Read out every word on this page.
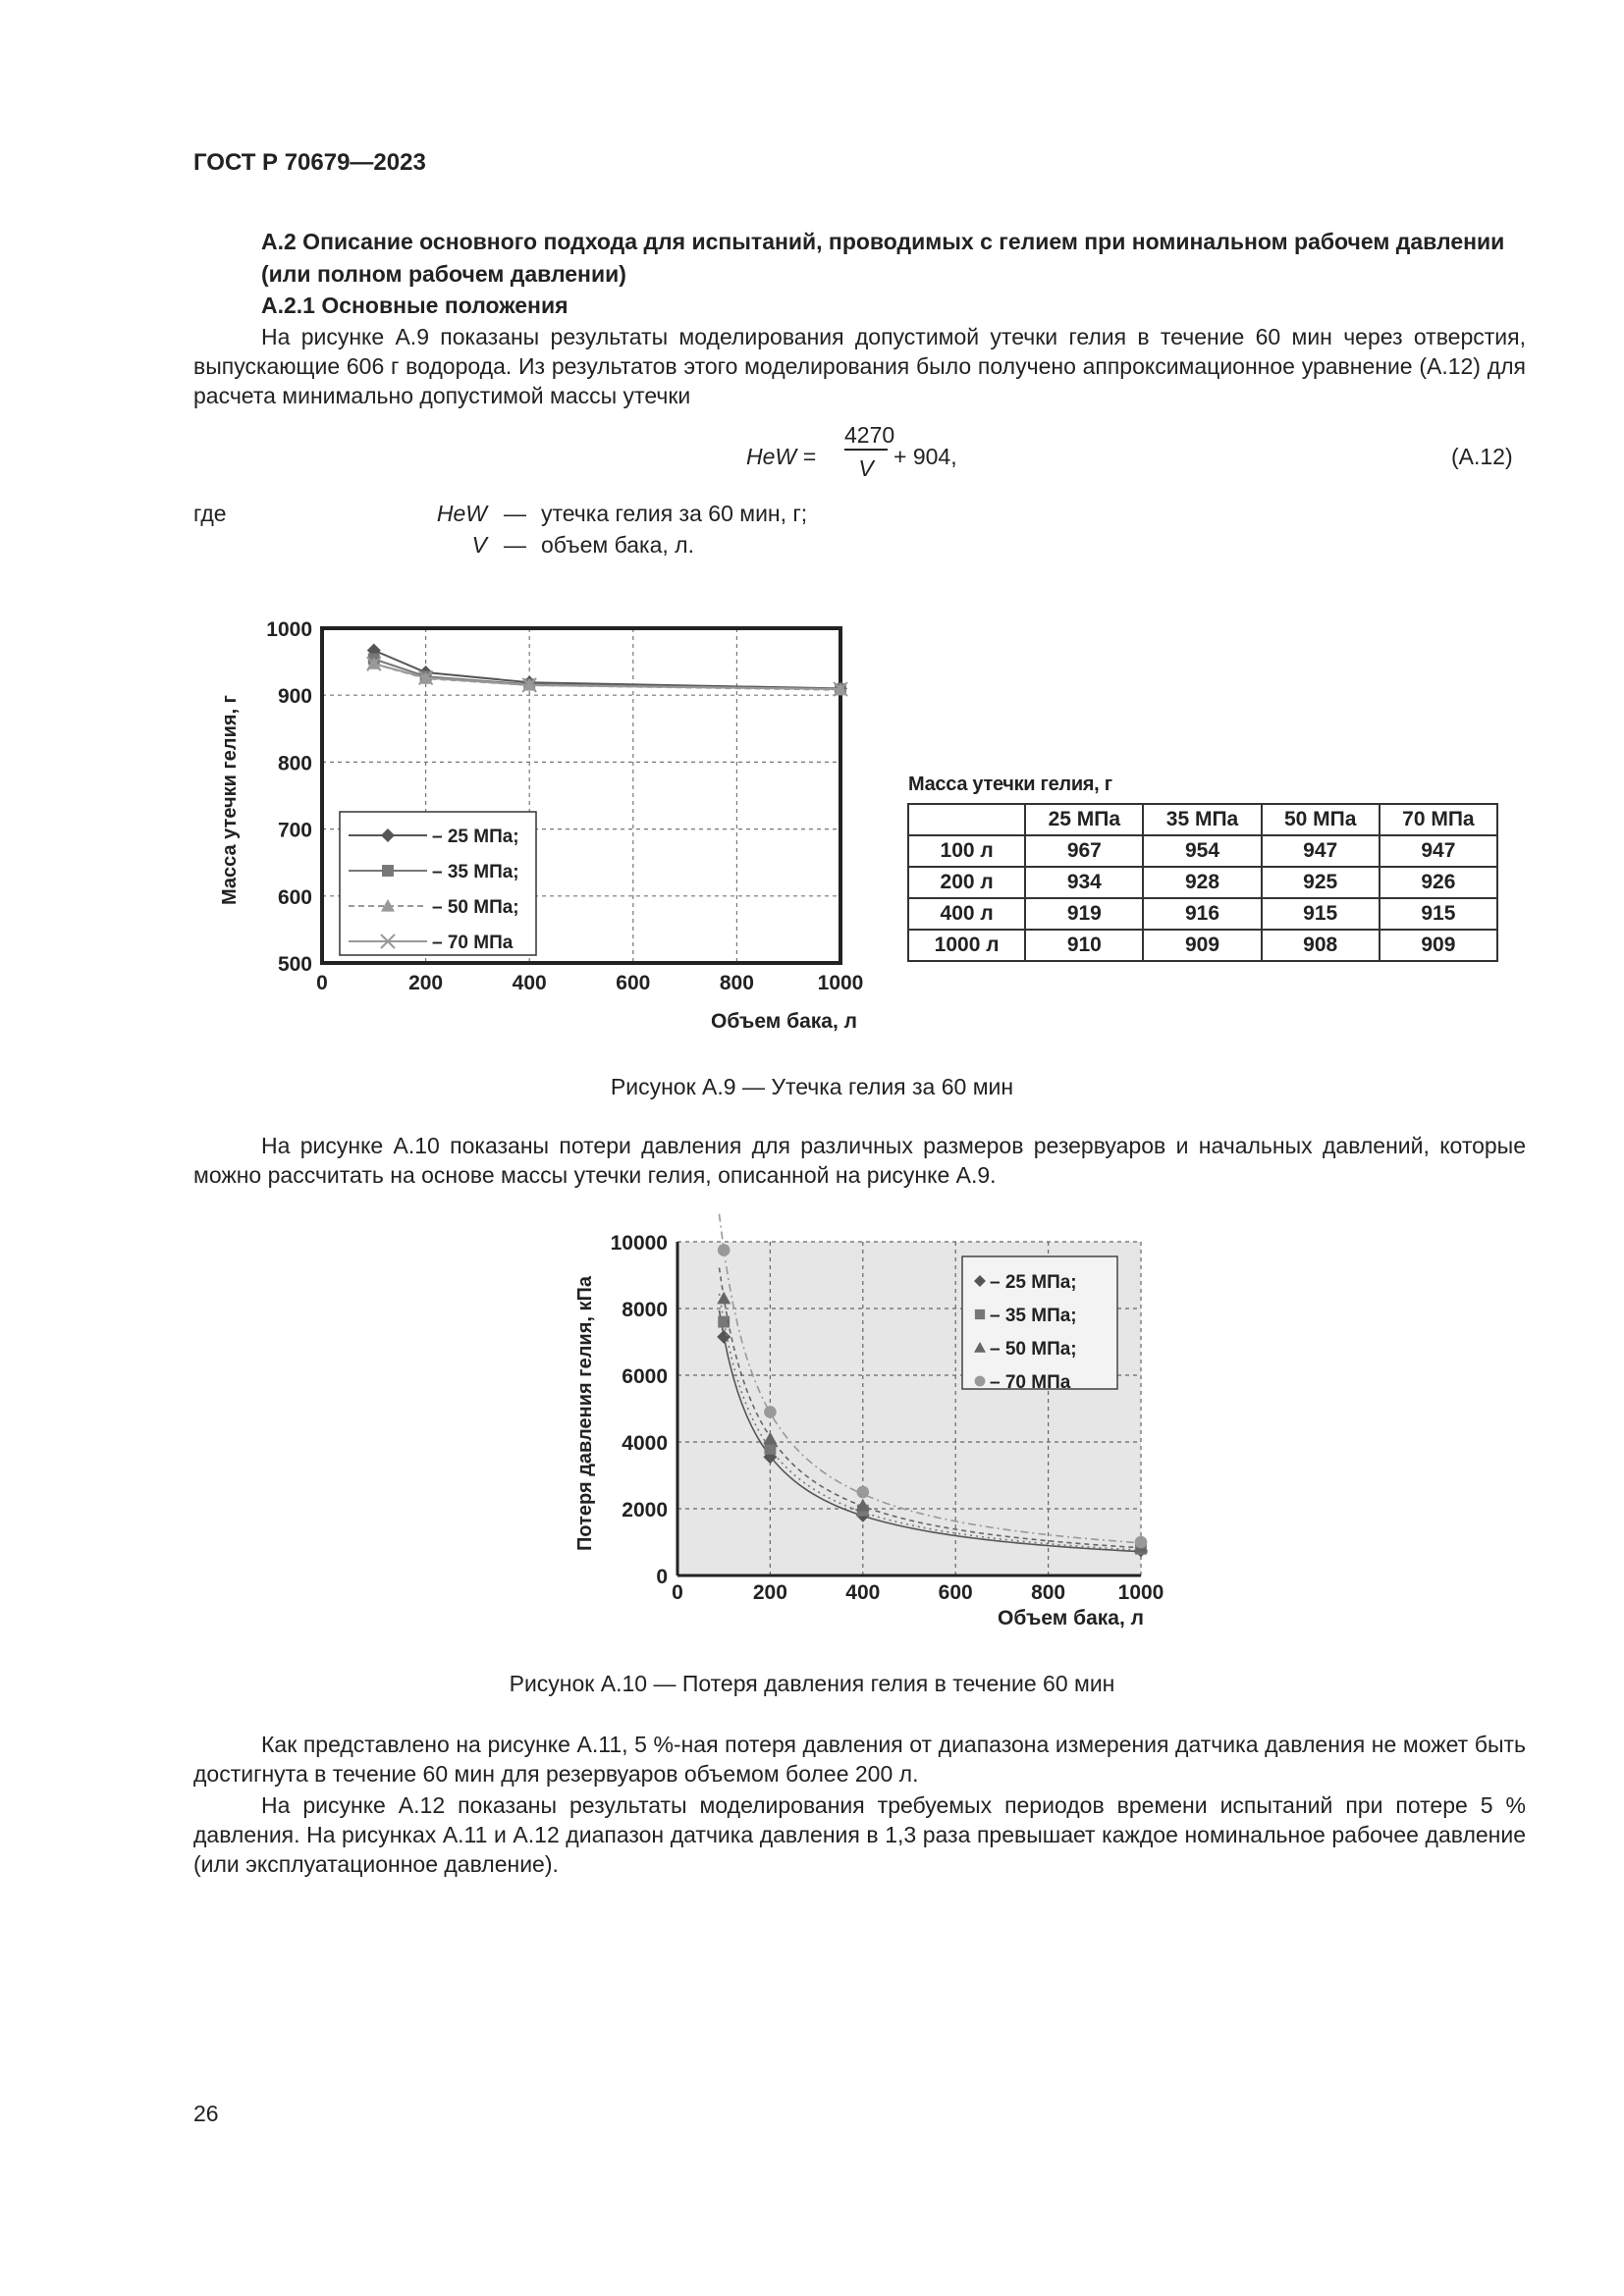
ГОСТ Р 70679—2023
А.2 Описание основного подхода для испытаний, проводимых с гелием при номинальном рабочем давлении (или полном рабочем давлении)
А.2.1 Основные положения
На рисунке А.9 показаны результаты моделирования допустимой утечки гелия в течение 60 мин через отверстия, выпускающие 606 г водорода. Из результатов этого моделирования было получено аппроксимационное уравнение (А.12) для расчета минимально допустимой массы утечки
HeW =
4270
V + 904,	(А.12)
где	HeW — утечка гелия за 60 мин, г;
V — объем бака, л.
0	200	400	600	800	1000
500
600
700
800
900
1000
Объем бака, л
Масса утечки гелия, г	– 25 МПа;
– 35 МПа;
– 50 МПа;
– 70 МПа
Масса утечки гелия, г
	25 МПа	35 МПа	50 МПа	70 МПа
100 л	967	954	947	947
200 л	934	928	925	926
400 л	919	916	915	915
1000 л	910	909	908	909
Рисунок А.9 — Утечка гелия за 60 мин
На рисунке А.10 показаны потери давления для различных размеров резервуаров и начальных давлений, которые можно рассчитать на основе массы утечки гелия, описанной на рисунке А.9.
0	200	400	600	800	1000
0
2000
4000
6000
8000
10000
Объем бака, л
Потеря давления гелия, кПа	– 25 МПа;
– 35 МПа;
– 50 МПа;
– 70 МПа
Рисунок А.10 — Потеря давления гелия в течение 60 мин
Как представлено на рисунке А.11, 5 %-ная потеря давления от диапазона измерения датчика давления не может быть достигнута в течение 60 мин для резервуаров объемом более 200 л.
На рисунке А.12 показаны результаты моделирования требуемых периодов времени испытаний при потере 5 % давления. На рисунках А.11 и А.12 диапазон датчика давления в 1,3 раза превышает каждое номинальное рабочее давление (или эксплуатационное давление).
26
